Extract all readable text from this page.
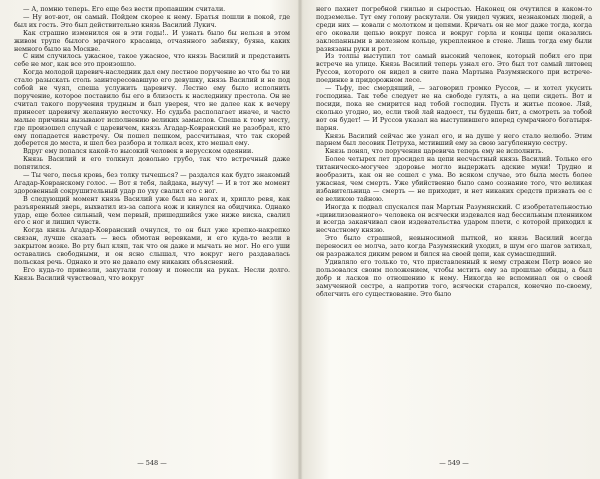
— А, помню теперь. Его еще без вести пропавшим считали.

— Ну вот-вот, он самый. Пойдем скорее к нему. Братья пошли в покой, где был их гость. Это был действительно князь Василий Лукич.

Как страшно изменился он в эти годы!.. И узнать было бы нельзя в этом живом трупе былого мрачного красавца, отчаянного забияку, буяна, каких немного было на Москве.

С ним случилось ужасное, такое ужасное, что князь Василий и представить себе не мог, как все это произошло.

Когда молодой царевич-наследник дал ему лестное поручение во что бы то ни стало разыскать столь заинтересовавшую его девушку, князь Василий и не под собой не чуял, спеша услужить царевичу. Лестно ему было исполнить поручение, которое поставило бы его в близость к наследнику престола. Он не считал такого поручения трудным и был уверен, что не далее как к вечеру принесет царевичу желанную весточку. Но судьба располагает иначе, и часто малые причины вызывают исполнению великих замыслов. Спеша к тому месту, где произошел случай с царевичем, князь Агадар-Ковранский не разобрал, кто ему попадается навстречу. Он пошел пешком, рассчитывая, что так скорей доберется до места, и шел без разбора и толкал всех, кто мешал ему.

Вдруг ему попался какой-то высокий человек в неруcском одеянии.

Князь Василий и его толкнул довольно грубо, так что встречный даже попятился.

— Ты чего, песья кровь, без толку тычешься? — раздался как будто знакомый Агадар-Ковранскому голос. — Вот я тебя, лайдака, выучу! — И в тот же момент здоровенный сокрушительный удар по уху свалил его с ног.

В следующий момент князь Василий уже был на ногах и, хрипло ревя, как разъяренный зверь, выхватил из-за сапога нож и кинулся на обидчика. Однако удар, еще более сильный, чем первый, пришедшийся уже ниже виска, свалил его с ног и лишил чувств.

Когда князь Агадар-Ковранский очнулся, то он был уже крепко-накрепко связан, лучше сказать — весь обмотан веревками, и его куда-то везли в закрытом возке. Во рту был кляп, так что он даже и мычать не мог. Но его уши оставались свободными, и он ясно слышал, что вокруг него раздавалась польская речь. Однако и это не давало ему никаких объяснений.

Его куда-то привезли, закутали голову и понесли на руках. Несли долго. Князь Василий чувствовал, что вокруг

— 548 —

него пахнет погребной гнилью и сыростью. Наконец он очутился в каком-то подземелье. Тут ему голову раскутали. Он увидел чужих, незнакомых людей, а среди них — ковали с молотком и цепями. Кричать он не мог даже тогда, когда его оковали цепью вокруг пояса и вокруг горла и концы цепи оказались заклепанными в железном кольце, укрепленное в стене. Лишь тогда ему были развязаны руки и рот.

Из толпы выступил тот самый высокий человек, который побил его при встрече на улице. Князь Василий теперь узнал его. Это был тот самый литовец Руссов, которого он видел в свите пана Мартына Разумянского при встрече-поединке в придорожном лесе.

— Тьфу, пес смердящий, — заговорил громко Руссов, — и хотел укусить господина. Так тебе следует не на свободе гулять, а на цепи сидеть. Вот и посиди, пока не смирится над тобой господин. Пусть и житье псовое. Ляй, сколько угодно, но, если твой лай надоест, ты будешь бит, а смотреть за тобой вот он будет! — И Руссов указал на выступившего вперед сумрачного богатыря-парня.

Князь Василий сейчас же узнал его, и на душе у него стало нелюбо. Этим парнем был лесовик Петруха, мстивший ему за свою загубленную сестру.

Князь понял, что поручения царевича теперь ему не исполнить.

Более четырех лет просидел на цепи несчастный князь Василий. Только его титаническо-могучее здоровье могло выдержать адские муки! Трудно и вообразить, как он не сошел с ума. Во всяком случае, это была месть более ужасная, чем смерть. Уже убийственно было само сознание того, что великая избавительница — смерть — не приходит, и нет никаких средств призвать ее с ее великою тайною.

Иногда к подвал спускался пан Мартын Разумянский. С изобретательностью «цивилизованного» человека он всячески издевался над бессильным пленником и всегда заканчивал свои издевательства ударом плети, с которой приходил к несчастному князю.

Это было страшной, невыносимой пыткой, но князь Василий всегда переносил ее молча, зато когда Разумянский уходил, в шум его шагов затихал, он разражался диким ревом и бился на своей цепи, как сумасшедший.

Удивляло его только то, что приставленный к нему стражем Петр вовсе не пользовался своим положением, чтобы мстить ему за прошлые обиды, а был добр и ласков по отношению к нему. Никогда не вспоминал он о своей замученной сестре, а напротив того, всячески старался, конечно по-своему, облегчить его существование. Это было

— 549 —
